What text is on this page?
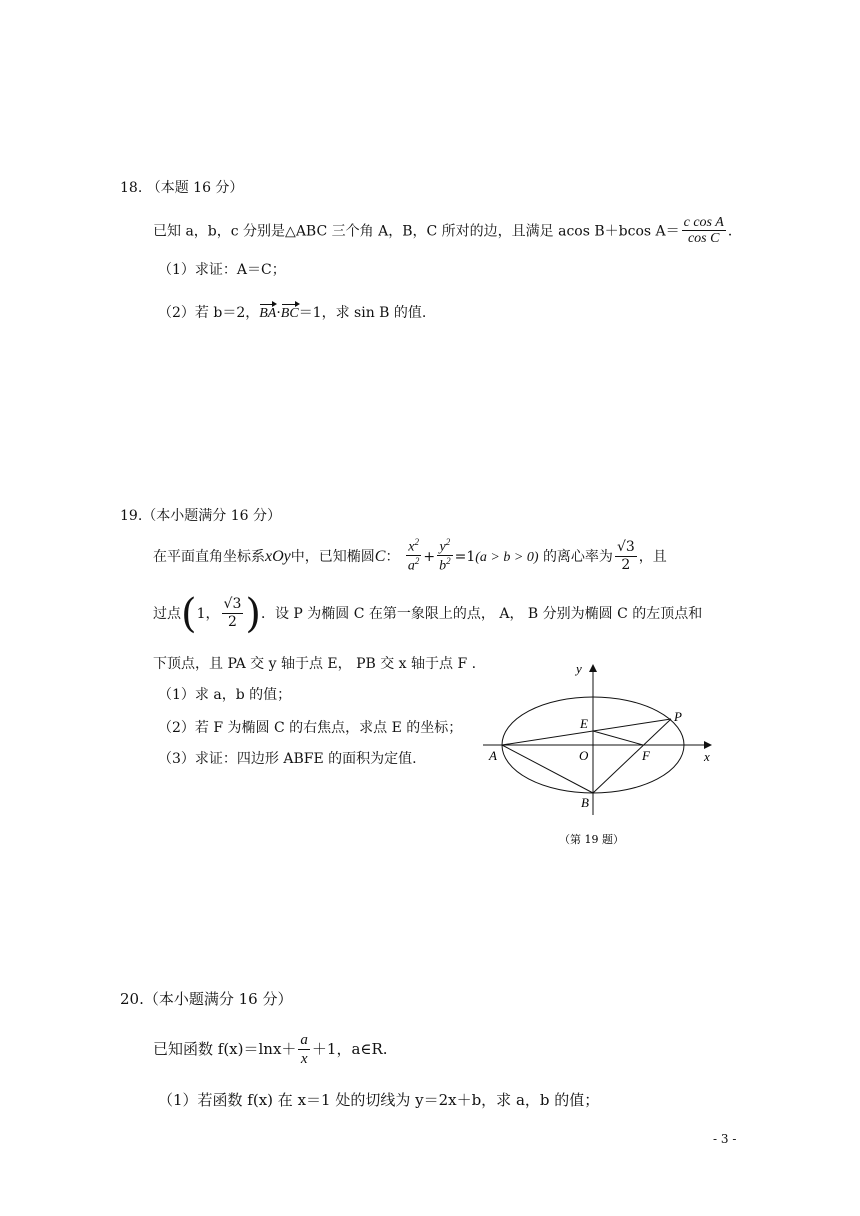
18. （本题 16 分）
已知 a，b，c 分别是△ABC 三个角 A，B，C 所对的边，且满足 acos B＋bcos $A= \frac{\text{c cos A}}{\text{cos C}}$ ．
（1）求证：A＝C；
（2）若 b＝2，BA·BC＝1，求 sin B 的值.
19.（本小题满分 16 分）
在平面直角坐标系xOy中，已知椭圆C： $\frac{x^2}{a^2} + \frac{y^2}{b^2} =1(a > b > 0)$ 的离心率为 $\frac{√3}{2}$ ，且
过点(1， $\frac{√3}{2}$ )．设 P 为椭圆 C 在第一象限上的点， A， B 分别为椭圆 C 的左顶点和
下顶点，且 PA 交 y 轴于点 E， PB 交 x 轴于点 F .
（1）求 a，b 的值；
（2）若 F 为椭圆 C 的右焦点，求点 E 的坐标；
（3）求证：四边形 ABFE 的面积为定值.
y
x
P
E
A	O	F
B
（第 19 题）
20.（本小题满分 16 分）
已知函数 $f(x)=\ln x+ \frac{a}{x} +1$，a∈R.
（1）若函数 f(x) 在 x＝1 处的切线为 y＝2x＋b，求 a，b 的值；
- 3 -
